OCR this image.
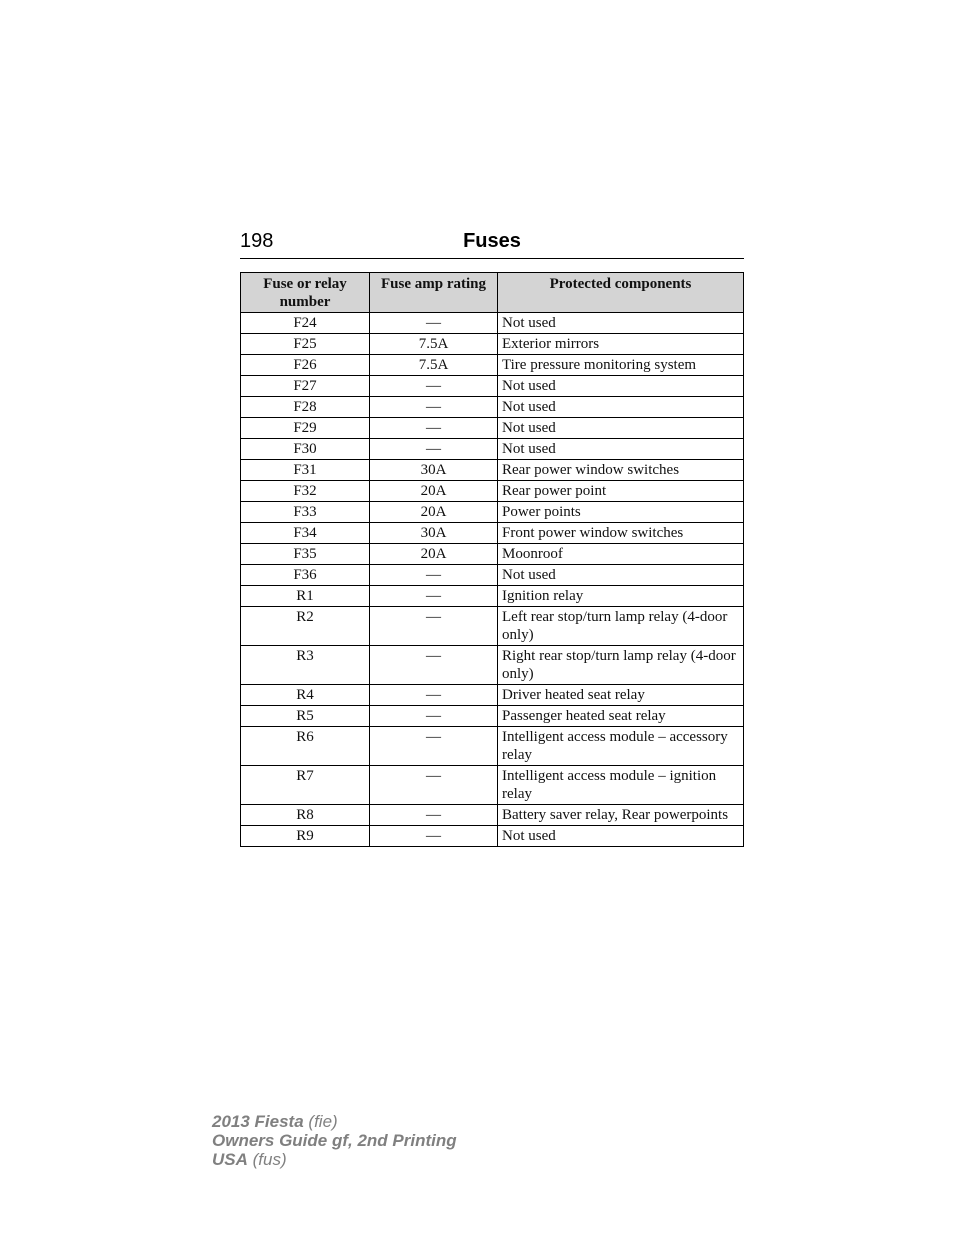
198	Fuses
Fuse or relay number	Fuse amp rating	Protected components
F24	—	Not used
F25	7.5A	Exterior mirrors
F26	7.5A	Tire pressure monitoring system
F27	—	Not used
F28	—	Not used
F29	—	Not used
F30	—	Not used
F31	30A	Rear power window switches
F32	20A	Rear power point
F33	20A	Power points
F34	30A	Front power window switches
F35	20A	Moonroof
F36	—	Not used
R1	—	Ignition relay
R2	—	Left rear stop/turn lamp relay (4-door only)
R3	—	Right rear stop/turn lamp relay (4-door only)
R4	—	Driver heated seat relay
R5	—	Passenger heated seat relay
R6	—	Intelligent access module – accessory relay
R7	—	Intelligent access module – ignition relay
R8	—	Battery saver relay, Rear powerpoints
R9	—	Not used
2013 Fiesta (fie)
Owners Guide gf, 2nd Printing
USA (fus)
